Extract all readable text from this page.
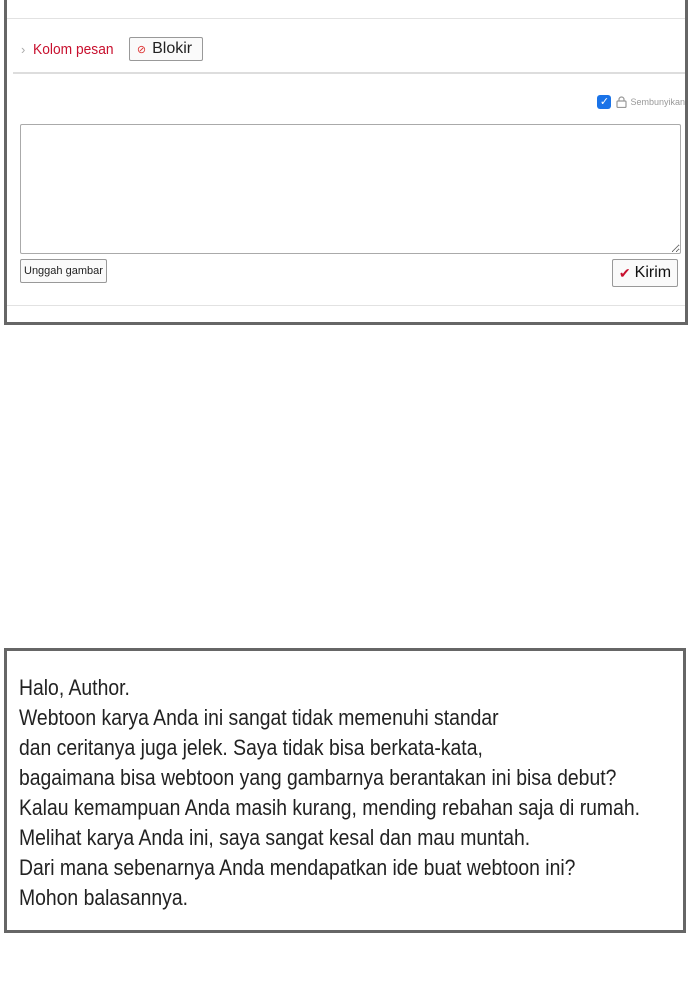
› Kolom pesan ⊘ Blokir
✓ Sembunyikan
Unggah gambar	✔ Kirim
Halo, Author.
Webtoon karya Anda ini sangat tidak memenuhi standar
dan ceritanya juga jelek. Saya tidak bisa berkata-kata,
bagaimana bisa webtoon yang gambarnya berantakan ini bisa debut?
Kalau kemampuan Anda masih kurang, mending rebahan saja di rumah.
Melihat karya Anda ini, saya sangat kesal dan mau muntah.
Dari mana sebenarnya Anda mendapatkan ide buat webtoon ini?
Mohon balasannya.
